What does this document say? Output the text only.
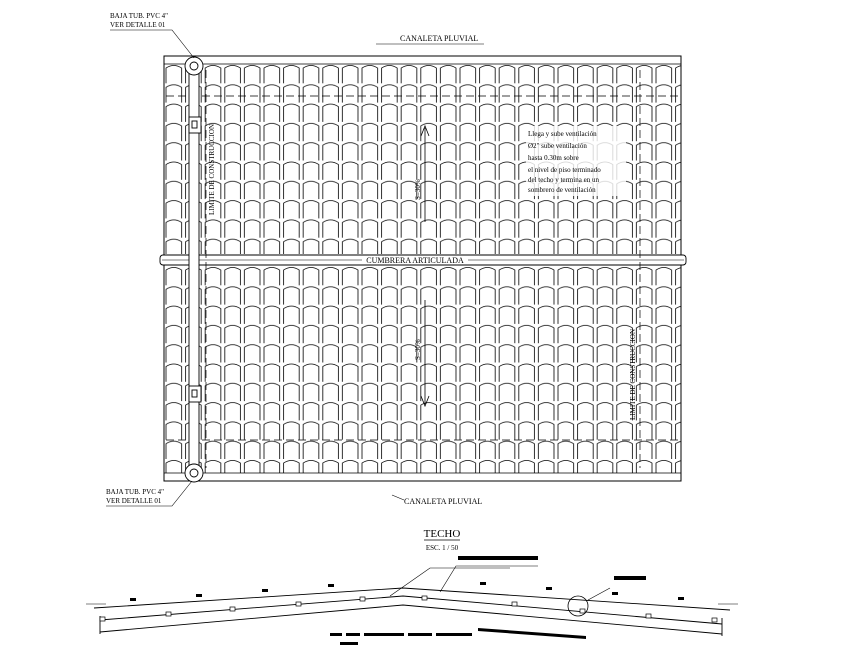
CUMBRERA ARTICULADA
LIMITE DE CONSTRUCCION
LIMITE DE CONSTRUCCION
S=30%
S=30%
Llega y sube ventilación
Ø2" sube ventilación
hasta 0.30m sobre
el nivel de piso terminado
del techo y termina en un
sombrero de ventilación
CANALETA PLUVIAL
CANALETA PLUVIAL
BAJA TUB. PVC 4"
VER DETALLE 01
BAJA TUB. PVC 4"
VER DETALLE 01
TECHO
ESC. 1 / 50
